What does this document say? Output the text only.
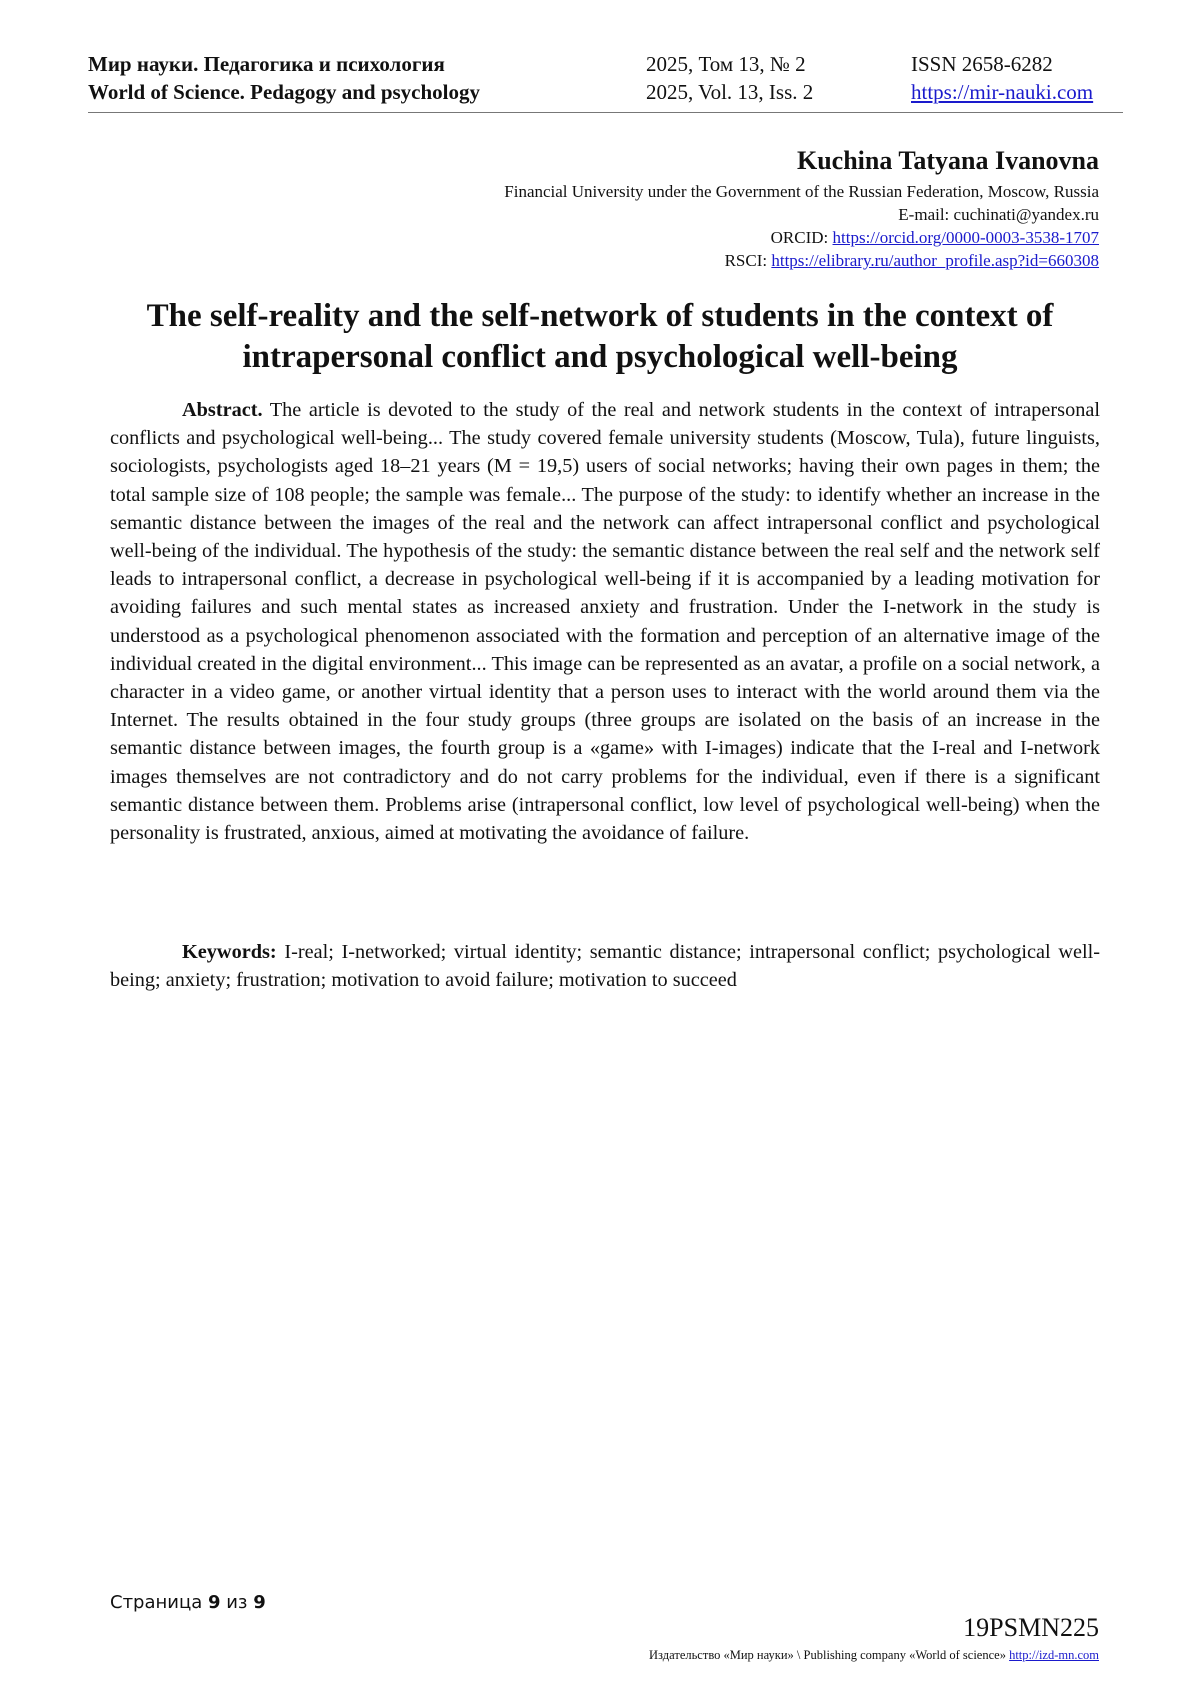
Мир науки. Педагогика и психология
World of Science. Pedagogy and psychology
2025, Том 13, № 2
2025, Vol. 13, Iss. 2
ISSN 2658-6282
https://mir-nauki.com
Kuchina Tatyana Ivanovna
Financial University under the Government of the Russian Federation, Moscow, Russia
E-mail: cuchinati@yandex.ru
ORCID: https://orcid.org/0000-0003-3538-1707
RSCI: https://elibrary.ru/author_profile.asp?id=660308
The self-reality and the self-network of students in the context of intrapersonal conflict and psychological well-being

Abstract. The article is devoted to the study of the real and network students in the context of intrapersonal conflicts and psychological well-being... The study covered female university students (Moscow, Tula), future linguists, sociologists, psychologists aged 18–21 years (M = 19,5) users of social networks; having their own pages in them; the total sample size of 108 people; the sample was female... The purpose of the study: to identify whether an increase in the semantic distance between the images of the real and the network can affect intrapersonal conflict and psychological well-being of the individual. The hypothesis of the study: the semantic distance between the real self and the network self leads to intrapersonal conflict, a decrease in psychological well-being if it is accompanied by a leading motivation for avoiding failures and such mental states as increased anxiety and frustration. Under the I-network in the study is understood as a psychological phenomenon associated with the formation and perception of an alternative image of the individual created in the digital environment... This image can be represented as an avatar, a profile on a social network, a character in a video game, or another virtual identity that a person uses to interact with the world around them via the Internet. The results obtained in the four study groups (three groups are isolated on the basis of an increase in the semantic distance between images, the fourth group is a «game» with I-images) indicate that the I-real and I-network images themselves are not contradictory and do not carry problems for the individual, even if there is a significant semantic distance between them. Problems arise (intrapersonal conflict, low level of psychological well-being) when the personality is frustrated, anxious, aimed at motivating the avoidance of failure.

Keywords: I-real; I-networked; virtual identity; semantic distance; intrapersonal conflict; psychological well-being; anxiety; frustration; motivation to avoid failure; motivation to succeed

Страница 9 из 9
19PSMN225
Издательство «Мир науки» \ Publishing company «World of science» http://izd-mn.com
